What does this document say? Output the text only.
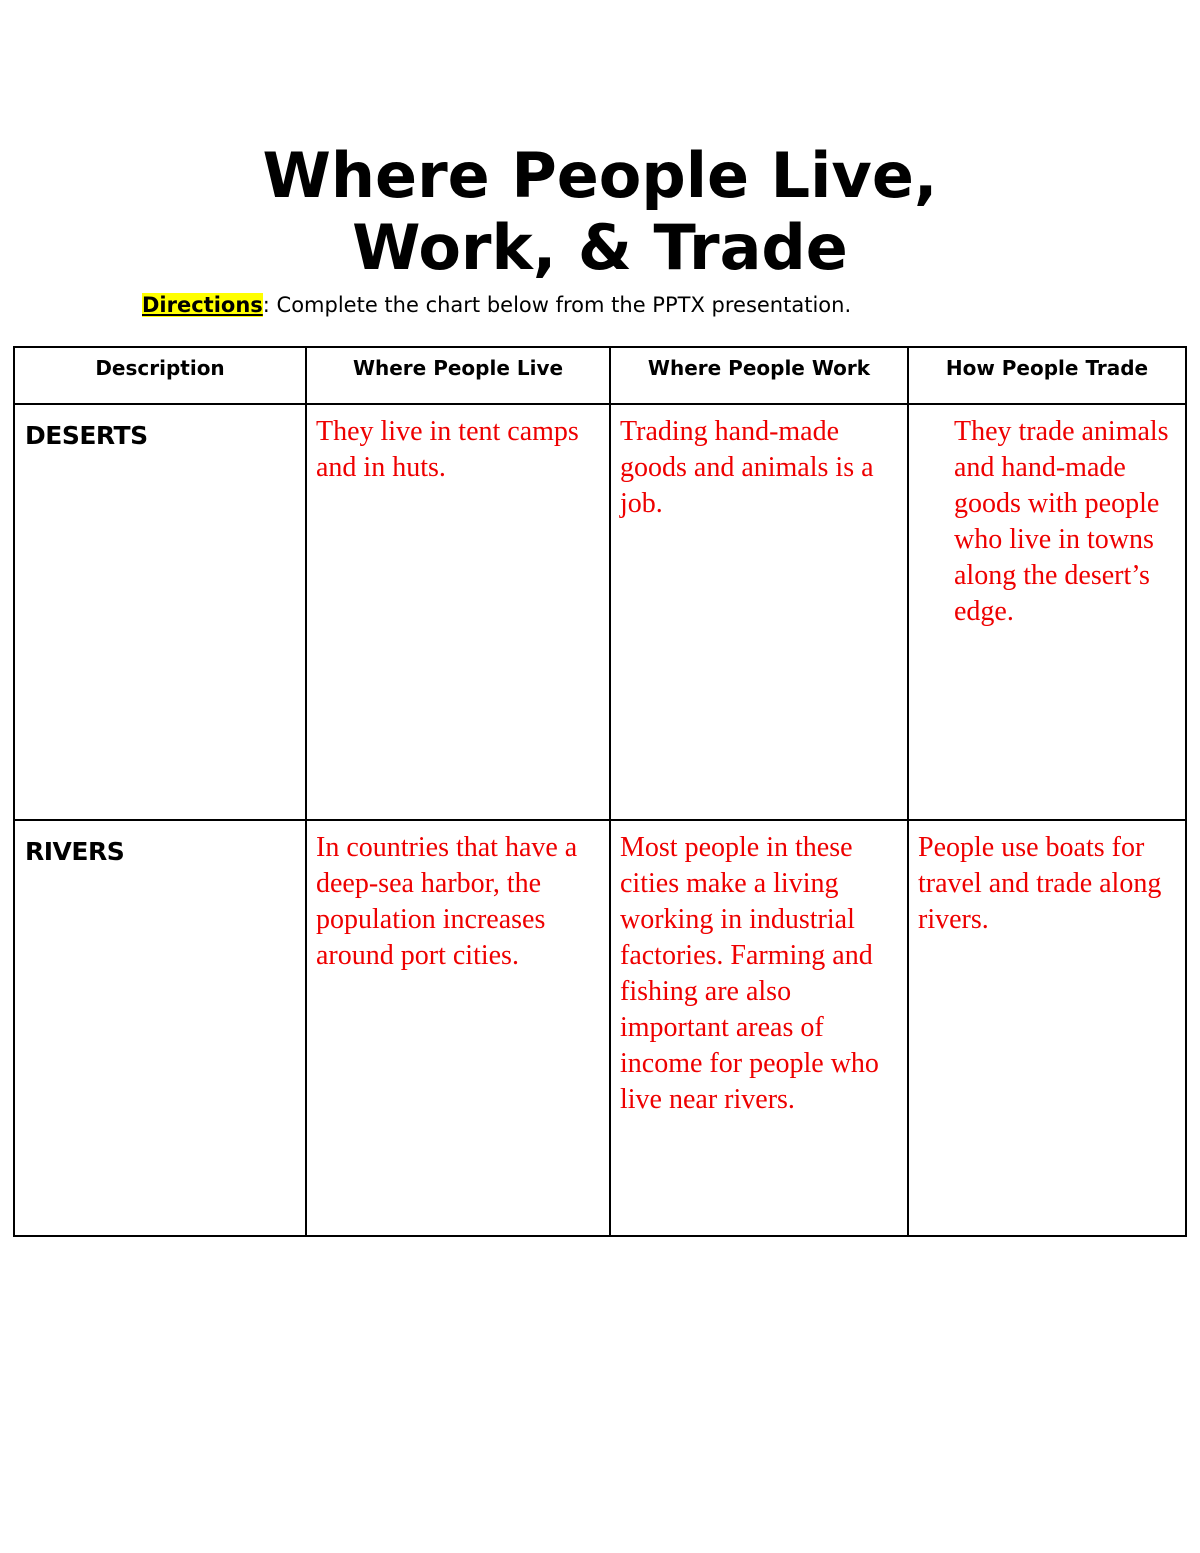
Where People Live,
Work, & Trade
Directions: Complete the chart below from the PPTX presentation.
Description	Where People Live	Where People Work	How People Trade

DESERTS	They live in tent camps and in huts.	Trading hand-made goods and animals is a job.	They trade animals and hand-made goods with people who live in towns along the desert’s edge.

RIVERS	In countries that have a deep-sea harbor, the population increases around port cities.	Most people in these cities make a living working in industrial factories. Farming and fishing are also important areas of income for people who live near rivers.	People use boats for travel and trade along rivers.
